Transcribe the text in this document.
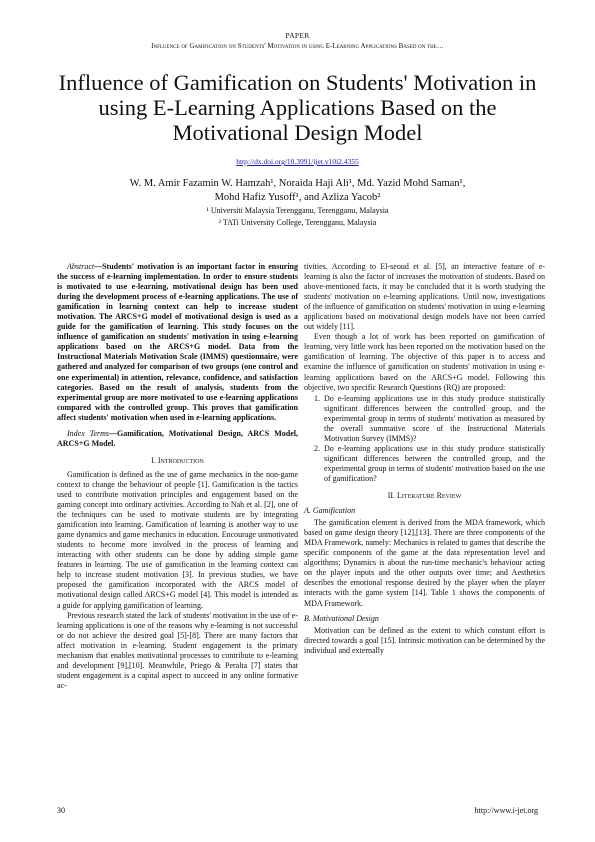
PAPER
Influence of Gamification on Students' Motivation in using E-Learning Applications Based on the…
Influence of Gamification on Students' Motivation in using E-Learning Applications Based on the Motivational Design Model
http://dx.doi.org/10.3991/ijet.v10i2.4355
W. M. Amir Fazamin W. Hamzah¹, Noraida Haji Ali¹, Md. Yazid Mohd Saman¹,
Mohd Hafiz Yusoff¹, and Azliza Yacob²
¹ Universiti Malaysia Terengganu, Terengganu, Malaysia
² TATi University College, Terengganu, Malaysia

Abstract—Students' motivation is an important factor in ensuring the success of e-learning implementation. In order to ensure students is motivated to use e-learning, motivational design has been used during the development process of e-learning applications. The use of gamification in learning context can help to increase student motivation. The ARCS+G model of motivational design is used as a guide for the gamification of learning. This study focuses on the influence of gamification on students' motivation in using e-learning applications based on the ARCS+G model. Data from the Instructional Materials Motivation Scale (IMMS) questionnaire, were gathered and analyzed for comparison of two groups (one control and one experimental) in attention, relevance, confidence, and satisfaction categories. Based on the result of analysis, students from the experimental group are more motivated to use e-learning applications compared with the controlled group. This proves that gamification affect students' motivation when used in e-learning applications.

Index Terms—Gamification, Motivational Design, ARCS Model, ARCS+G Model.

I. Introduction

Gamification is defined as the use of game mechanics in the non-game context to change the behaviour of people [1]. Gamification is the tactics used to contribute motivation principles and engagement based on the gaming concept into ordinary activities. According to Nah et al. [2], one of the techniques can be used to motivate students are by integrating gamification into learning. Gamification of learning is another way to use game dynamics and game mechanics in education. Encourage unmotivated students to become more involved in the process of learning and interacting with other students can be done by adding simple game features in learning. The use of gamification in the learning context can help to increase student motivation [3]. In previous studies, we have proposed the gamification incorporated with the ARCS model of motivational design called ARCS+G model [4]. This model is intended as a guide for applying gamification of learning.

Previous research stated the lack of students' motivation in the use of e-learning applications is one of the reasons why e-learning is not successful or do not achieve the desired goal [5]-[8]. There are many factors that affect motivation in e-learning. Student engagement is the primary mechanism that enables motivational processes to contribute to e-learning and development [9],[10]. Meanwhile, Priego & Peralta [7] states that student engagement is a capital aspect to succeed in any online formative ac-

tivities. According to El-seoud et al. [5], an interactive feature of e-learning is also the factor of increases the motivation of students. Based on above-mentioned facts, it may be concluded that it is worth studying the students' motivation on e-learning applications. Until now, investigations of the influence of gamification on students' motivation in using e-learning applications based on motivational design models have not been carried out widely [11].

Even though a lot of work has been reported on gamification of learning, very little work has been reported on the motivation based on the gamification of learning. The objective of this paper is to access and examine the influence of gamification on students' motivation in using e-learning applications based on the ARCS+G model. Following this objective, two specific Research Questions (RQ) are proposed:

1. Do e-learning applications use in this study produce statistically significant differences between the controlled group, and the experimental group in terms of students' motivation as measured by the overall summative score of the Instructional Materials Motivation Survey (IMMS)?
2. Do e-learning applications use in this study produce statistically significant differences between the controlled group, and the experimental group in terms of students' motivation based on the use of gamification?
II. Literature Review
A. Gamification

The gamification element is derived from the MDA framework, which based on game design theory [12],[13]. There are three components of the MDA Framework, namely: Mechanics is related to games that describe the specific components of the game at the data representation level and algorithms; Dynamics is about the run-time mechanic's behaviour acting on the player inputs and the other outputs over time; and Aesthetics describes the emotional response desired by the player when the player interacts with the game system [14]. Table 1 shows the components of MDA Framework.

B. Motivational Design

Motivation can be defined as the extent to which constant effort is directed towards a goal [15]. Intrinsic motivation can be determined by the individual and externally

30	http://www.i-jet.org
